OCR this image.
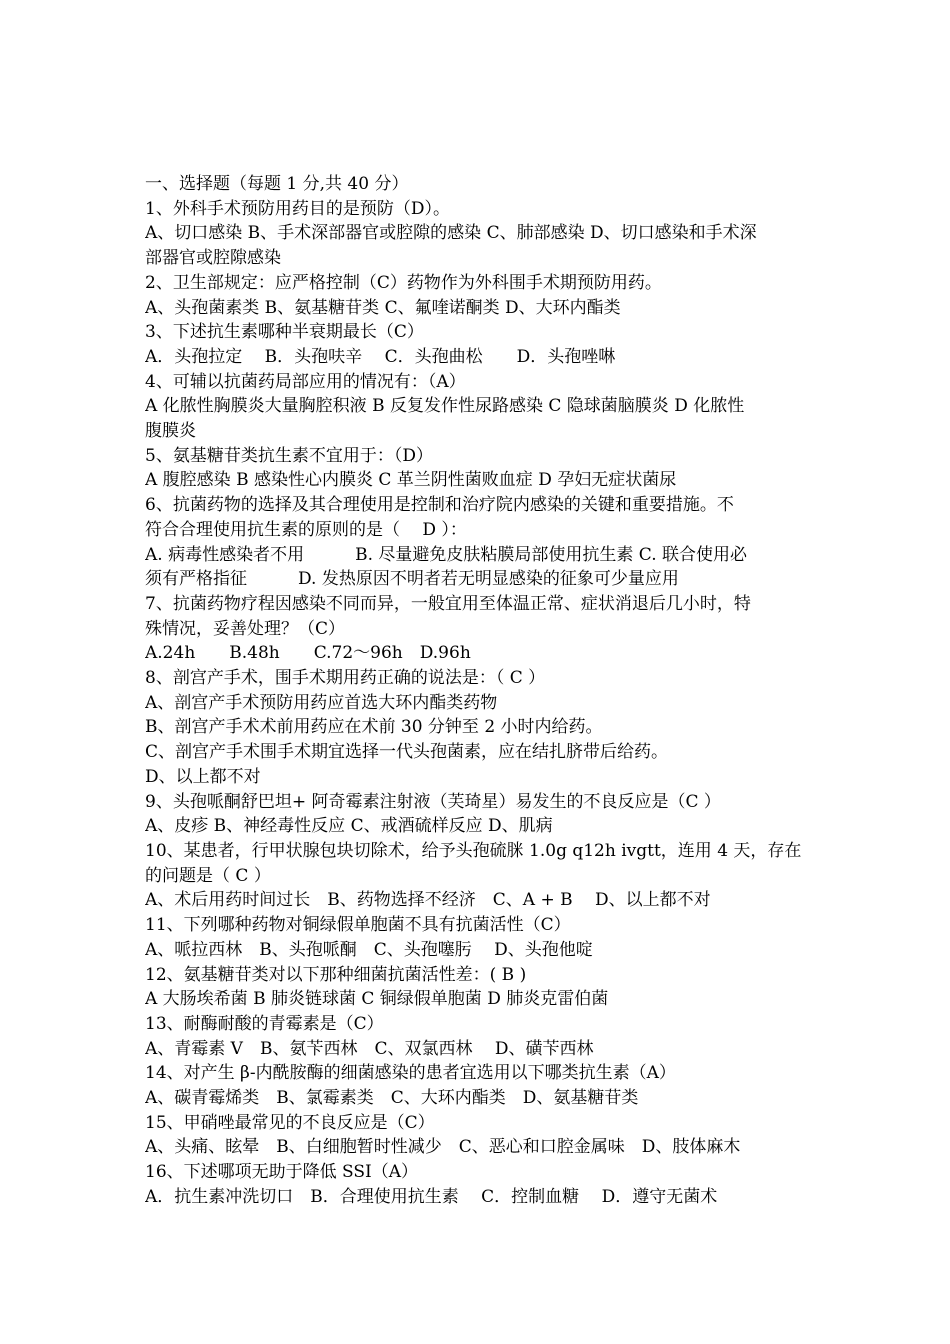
一、选择题（每题 1 分,共 40 分）
1、外科手术预防用药目的是预防（D）。
A、切口感染 B、手术深部器官或腔隙的感染 C、肺部感染 D、切口感染和手术深
部器官或腔隙感染
2、卫生部规定：应严格控制（C）药物作为外科围手术期预防用药。
A、头孢菌素类 B、氨基糖苷类 C、氟喹诺酮类 D、大环内酯类
3、下述抗生素哪种半衰期最长（C）
A．头孢拉定　 B．头孢呋辛　 C．头孢曲松　　D．头孢唑啉
4、可辅以抗菌药局部应用的情况有：（A）
A 化脓性胸膜炎大量胸腔积液 B 反复发作性尿路感染 C 隐球菌脑膜炎 D 化脓性
腹膜炎
5、氨基糖苷类抗生素不宜用于：（D）
A 腹腔感染 B 感染性心内膜炎 C 革兰阴性菌败血症 D 孕妇无症状菌尿
6、抗菌药物的选择及其合理使用是控制和治疗院内感染的关键和重要措施。不
符合合理使用抗生素的原则的是（　 D ）：
A. 病毒性感染者不用　　　B. 尽量避免皮肤粘膜局部使用抗生素 C. 联合使用必
须有严格指征　　　D. 发热原因不明者若无明显感染的征象可少量应用
7、抗菌药物疗程因感染不同而异，一般宜用至体温正常、症状消退后几小时，特
殊情况，妥善处理？（C）
A.24h　　B.48h　　C.72～96h　D.96h
8、剖宫产手术，围手术期用药正确的说法是：（ C ）
A、剖宫产手术预防用药应首选大环内酯类药物
B、剖宫产手术术前用药应在术前 30 分钟至 2 小时内给药。
C、剖宫产手术围手术期宜选择一代头孢菌素，应在结扎脐带后给药。
D、以上都不对
9、头孢哌酮舒巴坦+ 阿奇霉素注射液（芙琦星）易发生的不良反应是（C ）
A、皮疹 B、神经毒性反应 C、戒酒硫样反应 D、肌病
10、某患者，行甲状腺包块切除术，给予头孢硫脒 1.0g q12h ivgtt，连用 4 天，存在
的问题是（ C ）
A、术后用药时间过长　B、药物选择不经济　C、A + B　 D、以上都不对
11、下列哪种药物对铜绿假单胞菌不具有抗菌活性（C）
A、哌拉西林　B、头孢哌酮　C、头孢噻肟　 D、头孢他啶
12、氨基糖苷类对以下那种细菌抗菌活性差：( B )
A 大肠埃希菌 B 肺炎链球菌 C 铜绿假单胞菌 D 肺炎克雷伯菌
13、耐酶耐酸的青霉素是（C）
A、青霉素 V　B、氨苄西林　C、双氯西林　 D、磺苄西林
14、对产生 β-内酰胺酶的细菌感染的患者宜选用以下哪类抗生素（A）
A、碳青霉烯类　B、氯霉素类　C、大环内酯类　D、氨基糖苷类
15、甲硝唑最常见的不良反应是（C）
A、头痛、眩晕　B、白细胞暂时性减少　C、恶心和口腔金属味　D、肢体麻木
16、下述哪项无助于降低 SSI（A）
A．抗生素冲洗切口　B．合理使用抗生素　 C．控制血糖　 D．遵守无菌术
